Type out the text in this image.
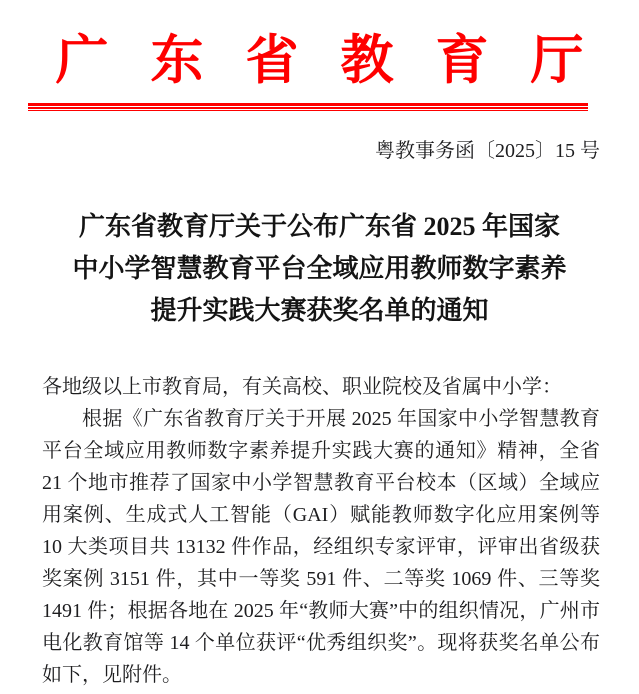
广东省教育厅
粤教事务函〔2025〕15 号
广东省教育厅关于公布广东省 2025 年国家
中小学智慧教育平台全域应用教师数字素养
提升实践大赛获奖名单的通知

各地级以上市教育局，有关高校、职业院校及省属中小学：

根据《广东省教育厅关于开展 2025 年国家中小学智慧教育平台全域应用教师数字素养提升实践大赛的通知》精神，全省 21 个地市推荐了国家中小学智慧教育平台校本（区域）全域应用案例、生成式人工智能（GAI）赋能教师数字化应用案例等 10 大类项目共 13132 件作品，经组织专家评审，评审出省级获奖案例 3151 件，其中一等奖 591 件、二等奖 1069 件、三等奖 1491 件；根据各地在 2025 年“教师大赛”中的组织情况，广州市电化教育馆等 14 个单位获评“优秀组织奖”。现将获奖名单公布如下，见附件。
